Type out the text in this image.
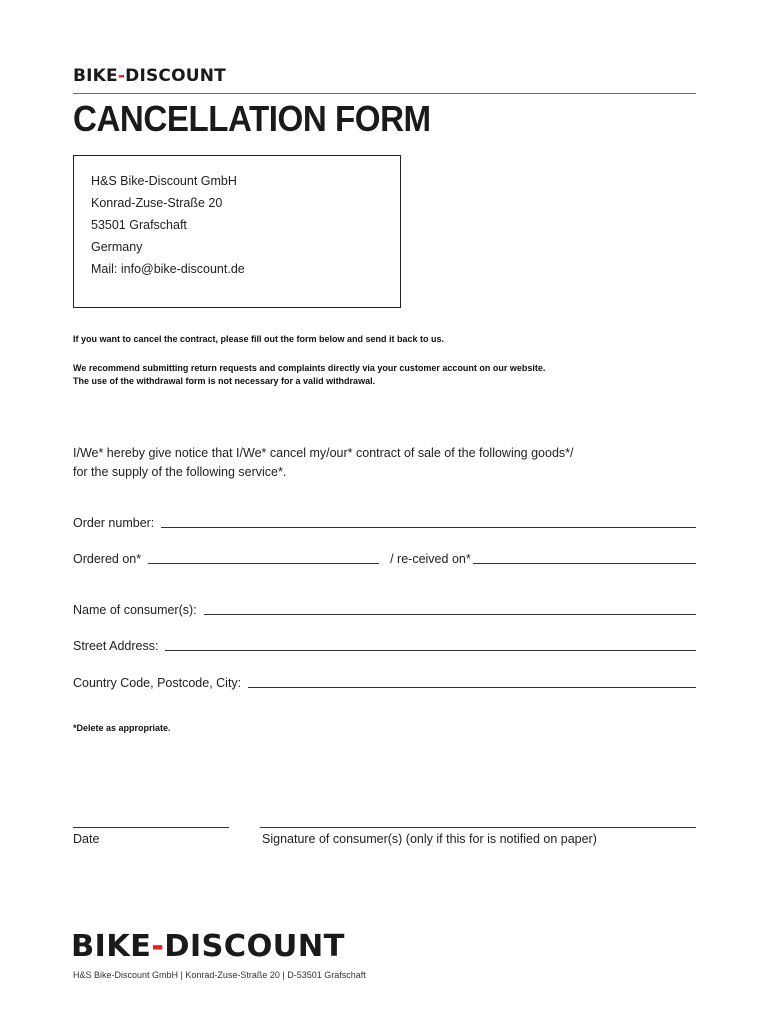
BIKE-DISCOUNT
CANCELLATION FORM
H&S Bike-Discount GmbH
Konrad-Zuse-Straße 20
53501 Grafschaft
Germany
Mail: info@bike-discount.de
If you want to cancel the contract, please fill out the form below and send it back to us.
We recommend submitting return requests and complaints directly via your customer account on our website.
The use of the withdrawal form is not necessary for a valid withdrawal.
I/We* hereby give notice that I/We* cancel my/our* contract of sale of the following goods*/
for the supply of the following service*.
Order number:
Ordered on*	/ re-ceived on*
Name of consumer(s):
Street Address:
Country Code, Postcode, City:
*Delete as appropriate.
Date	Signature of consumer(s) (only if this for is notified on paper)
BIKE-DISCOUNT
H&S Bike-Discount GmbH | Konrad-Zuse-Straße 20 | D-53501 Grafschaft
